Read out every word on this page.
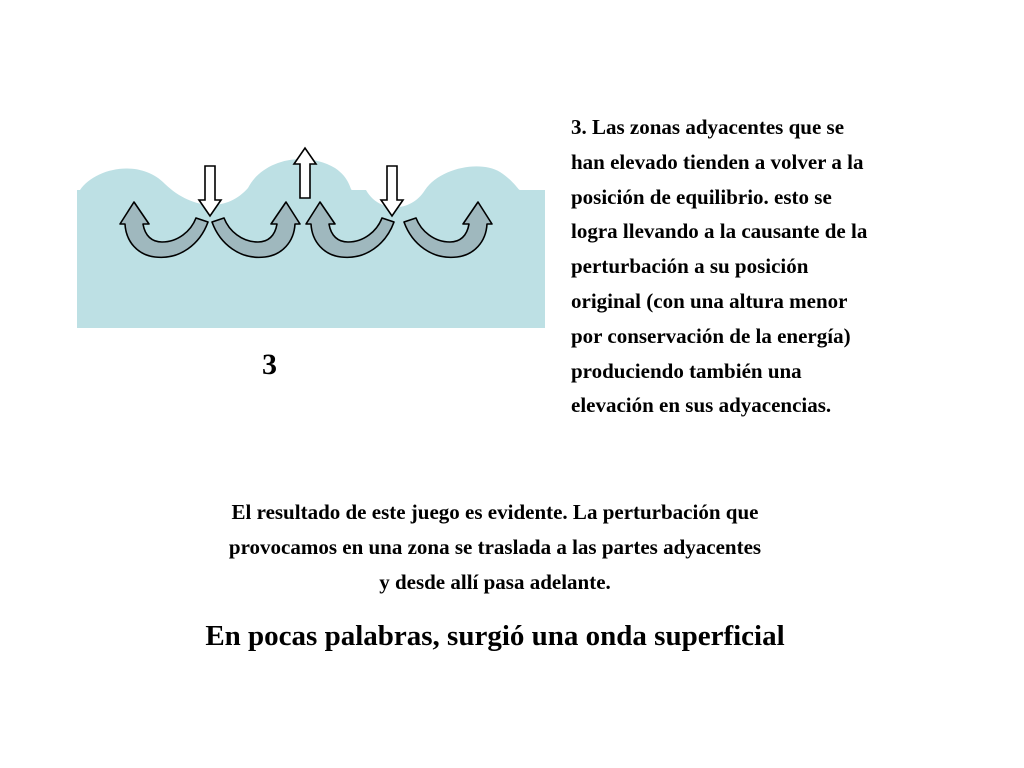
3

3. Las zonas adyacentes que se
han elevado tienden a volver a la
posición de equilibrio. esto se
logra llevando a la causante de la
perturbación a su posición
original (con una altura menor
por conservación de la energía)
produciendo también una
elevación en sus adyacencias.

El resultado de este juego es evidente. La perturbación que
provocamos en una zona se traslada a las partes adyacentes
y desde allí pasa adelante.

En pocas palabras, surgió una onda superficial
